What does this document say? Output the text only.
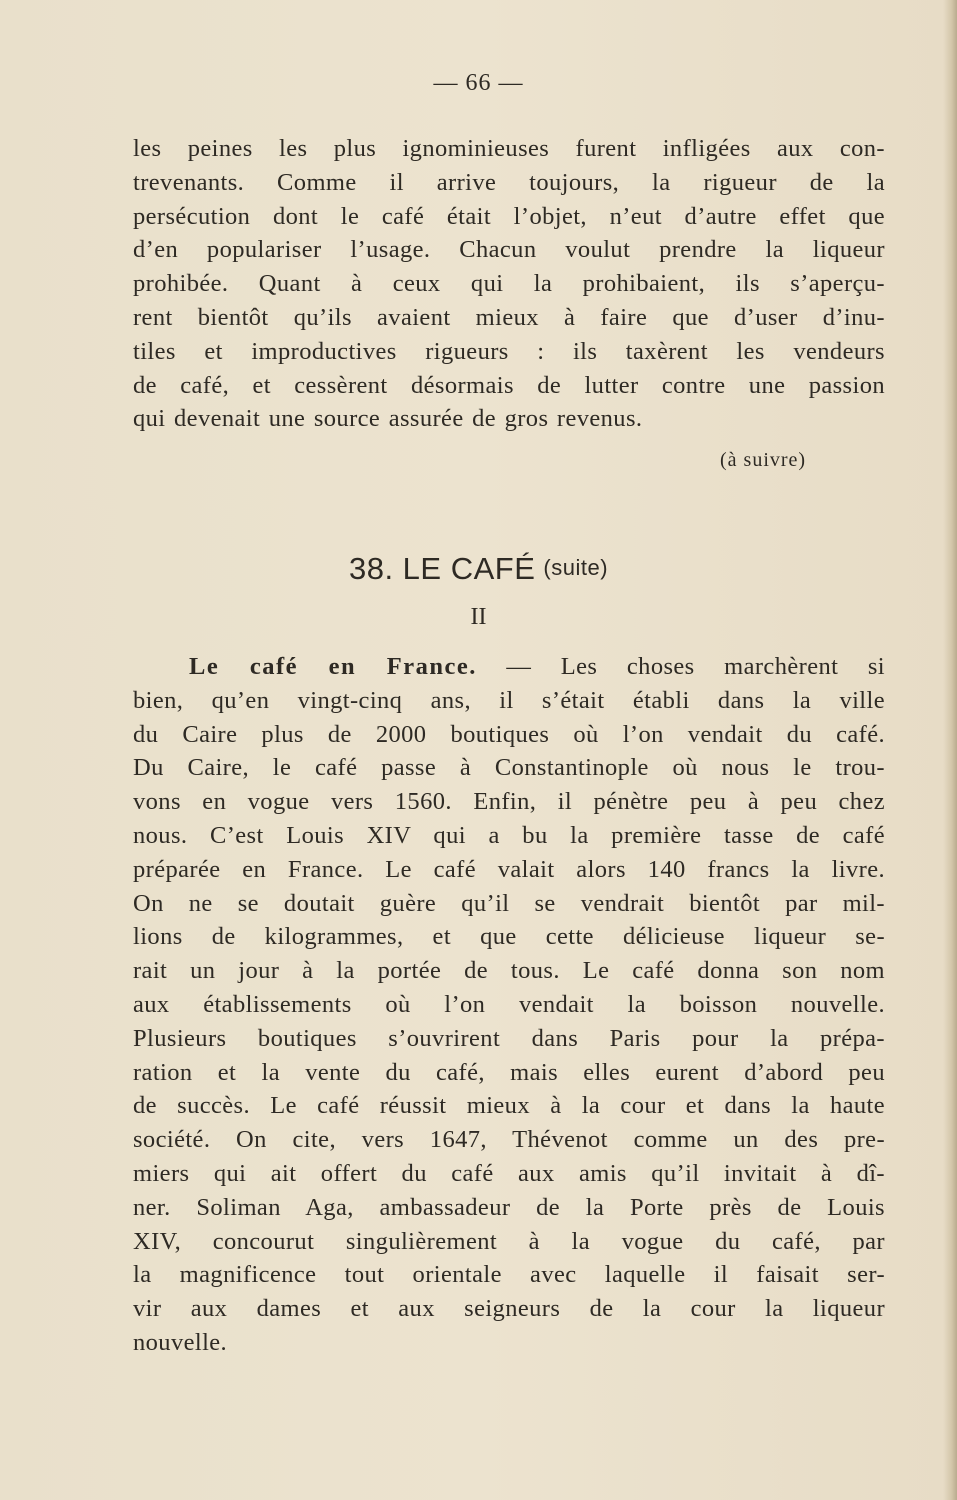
— 66 —
les peines les plus ignominieuses furent infligées aux con-
trevenants. Comme il arrive toujours, la rigueur de la
persécution dont le café était l’objet, n’eut d’autre effet que
d’en populariser l’usage. Chacun voulut prendre la liqueur
prohibée. Quant à ceux qui la prohibaient, ils s’aperçu-
rent bientôt qu’ils avaient mieux à faire que d’user d’inu-
tiles et improductives rigueurs : ils taxèrent les vendeurs
de café, et cessèrent désormais de lutter contre une passion
qui devenait une source assurée de gros revenus.
(à suivre)
38. LE CAFÉ (suite)
II
Le café en France. — Les choses marchèrent si
bien, qu’en vingt-cinq ans, il s’était établi dans la ville
du Caire plus de 2000 boutiques où l’on vendait du café.
Du Caire, le café passe à Constantinople où nous le trou-
vons en vogue vers 1560. Enfin, il pénètre peu à peu chez
nous. C’est Louis XIV qui a bu la première tasse de café
préparée en France. Le café valait alors 140 francs la livre.
On ne se doutait guère qu’il se vendrait bientôt par mil-
lions de kilogrammes, et que cette délicieuse liqueur se-
rait un jour à la portée de tous. Le café donna son nom
aux établissements où l’on vendait la boisson nouvelle.
Plusieurs boutiques s’ouvrirent dans Paris pour la prépa-
ration et la vente du café, mais elles eurent d’abord peu
de succès. Le café réussit mieux à la cour et dans la haute
société. On cite, vers 1647, Thévenot comme un des pre-
miers qui ait offert du café aux amis qu’il invitait à dî-
ner. Soliman Aga, ambassadeur de la Porte près de Louis
XIV, concourut singulièrement à la vogue du café, par
la magnificence tout orientale avec laquelle il faisait ser-
vir aux dames et aux seigneurs de la cour la liqueur
nouvelle.
